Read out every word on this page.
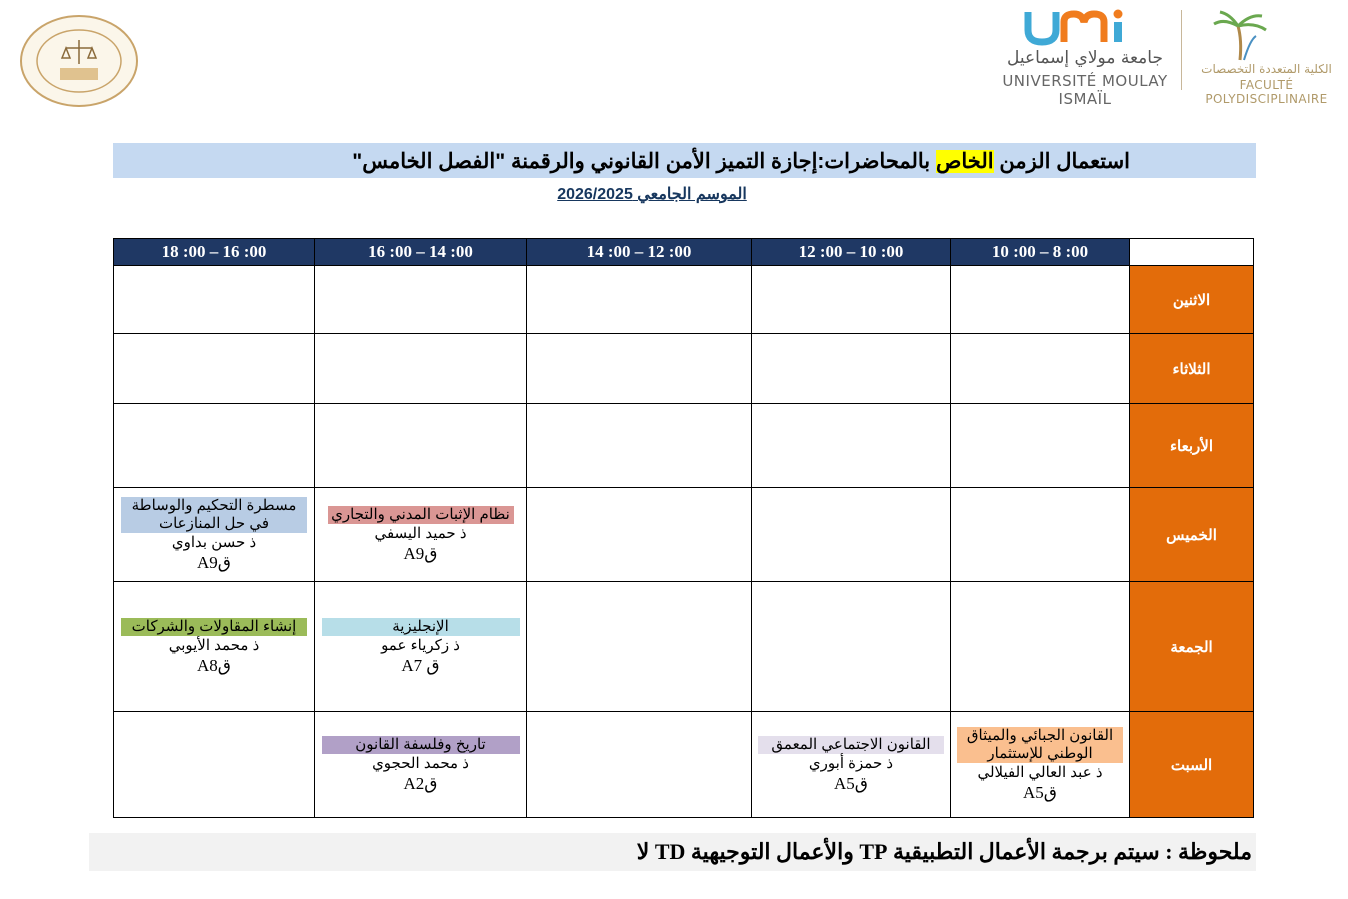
جامعة مولاي إسماعيل
UNIVERSITÉ MOULAY ISMAÏL
الكلية المتعددة التخصصات
FACULTÉ POLYDISCIPLINAIRE
استعمال الزمن الخاص بالمحاضرات:إجازة التميز الأمن القانوني والرقمنة "الفصل الخامس"
الموسم الجامعي 2026/2025
18 :00 – 16 :00	16 :00 – 14 :00	14 :00 – 12 :00	12 :00 – 10 :00	10 :00 – 8 :00	
					الاثنين
					الثلاثاء
					الأربعاء

مسطرة التحكيم والوساطة في حل المنازعات
ذ حسن بداوي
قA9	نظام الإثبات المدني والتجاري
ذ حميد اليسفي
قA9				الخميس

إنشاء المقاولات والشركات
ذ محمد الأيوبي
قA8	الإنجليزية
ذ زكرياء عمو
ق A7				الجمعة

	تاريخ وفلسفة القانون
ذ محمد الحجوي
قA2		القانون الاجتماعي المعمق
ذ حمزة أبوري
قA5	القانون الجبائي والميثاق الوطني للإستثمار
ذ عبد العالي الفيلالي
قA5	السبت
ملحوظة : سيتم برجمة الأعمال التطبيقية TP والأعمال التوجيهية TD لا
